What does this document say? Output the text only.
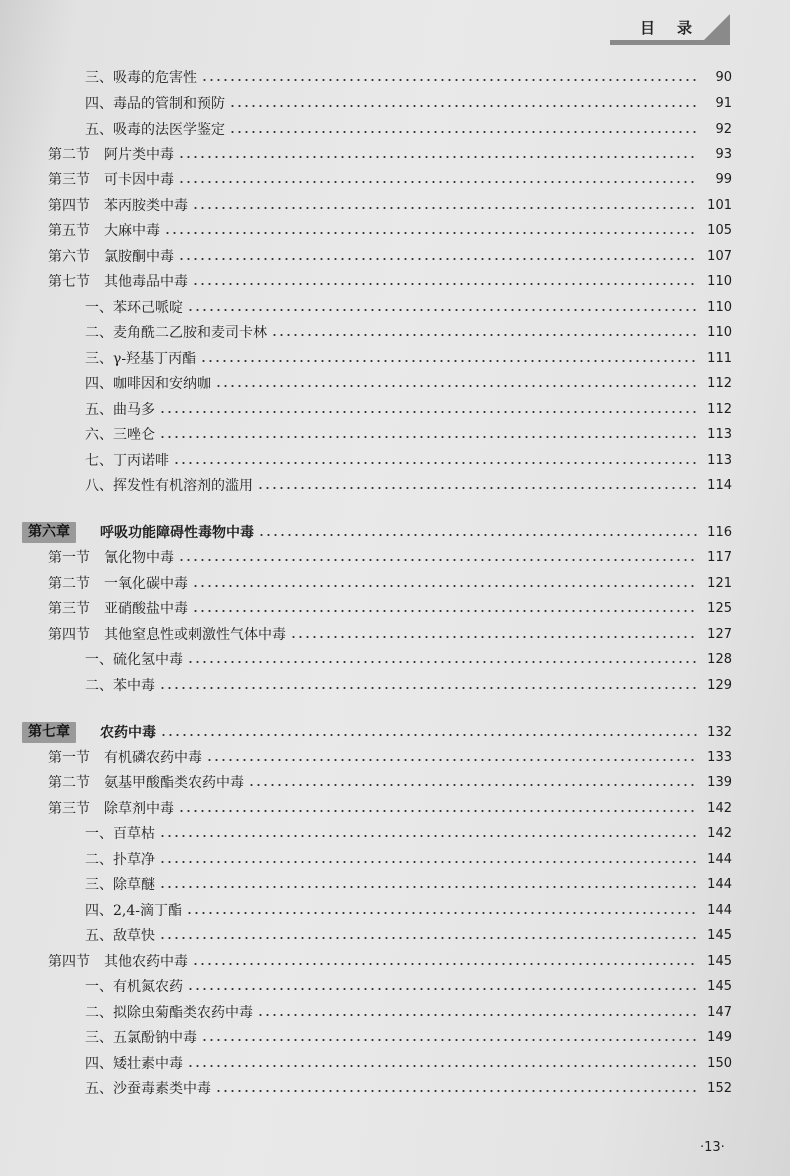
目录
三、吸毒的危害性	90
四、毒品的管制和预防	91
五、吸毒的法医学鉴定	92
第二节　阿片类中毒	93
第三节　可卡因中毒	99
第四节　苯丙胺类中毒	101
第五节　大麻中毒	105
第六节　氯胺酮中毒	107
第七节　其他毒品中毒	110
一、苯环己哌啶	110
二、麦角酰二乙胺和麦司卡林	110
三、γ-羟基丁丙酯	111
四、咖啡因和安纳咖	112
五、曲马多	112
六、三唑仑	113
七、丁丙诺啡	113
八、挥发性有机溶剂的滥用	114
第六章	呼吸功能障碍性毒物中毒	116
第一节　氰化物中毒	117
第二节　一氧化碳中毒	121
第三节　亚硝酸盐中毒	125
第四节　其他窒息性或刺激性气体中毒	127
一、硫化氢中毒	128
二、苯中毒	129
第七章	农药中毒	132
第一节　有机磷农药中毒	133
第二节　氨基甲酸酯类农药中毒	139
第三节　除草剂中毒	142
一、百草枯	142
二、扑草净	144
三、除草醚	144
四、2,4-滴丁酯	144
五、敌草快	145
第四节　其他农药中毒	145
一、有机氮农药	145
二、拟除虫菊酯类农药中毒	147
三、五氯酚钠中毒	149
四、矮壮素中毒	150
五、沙蚕毒素类中毒	152
·13·
